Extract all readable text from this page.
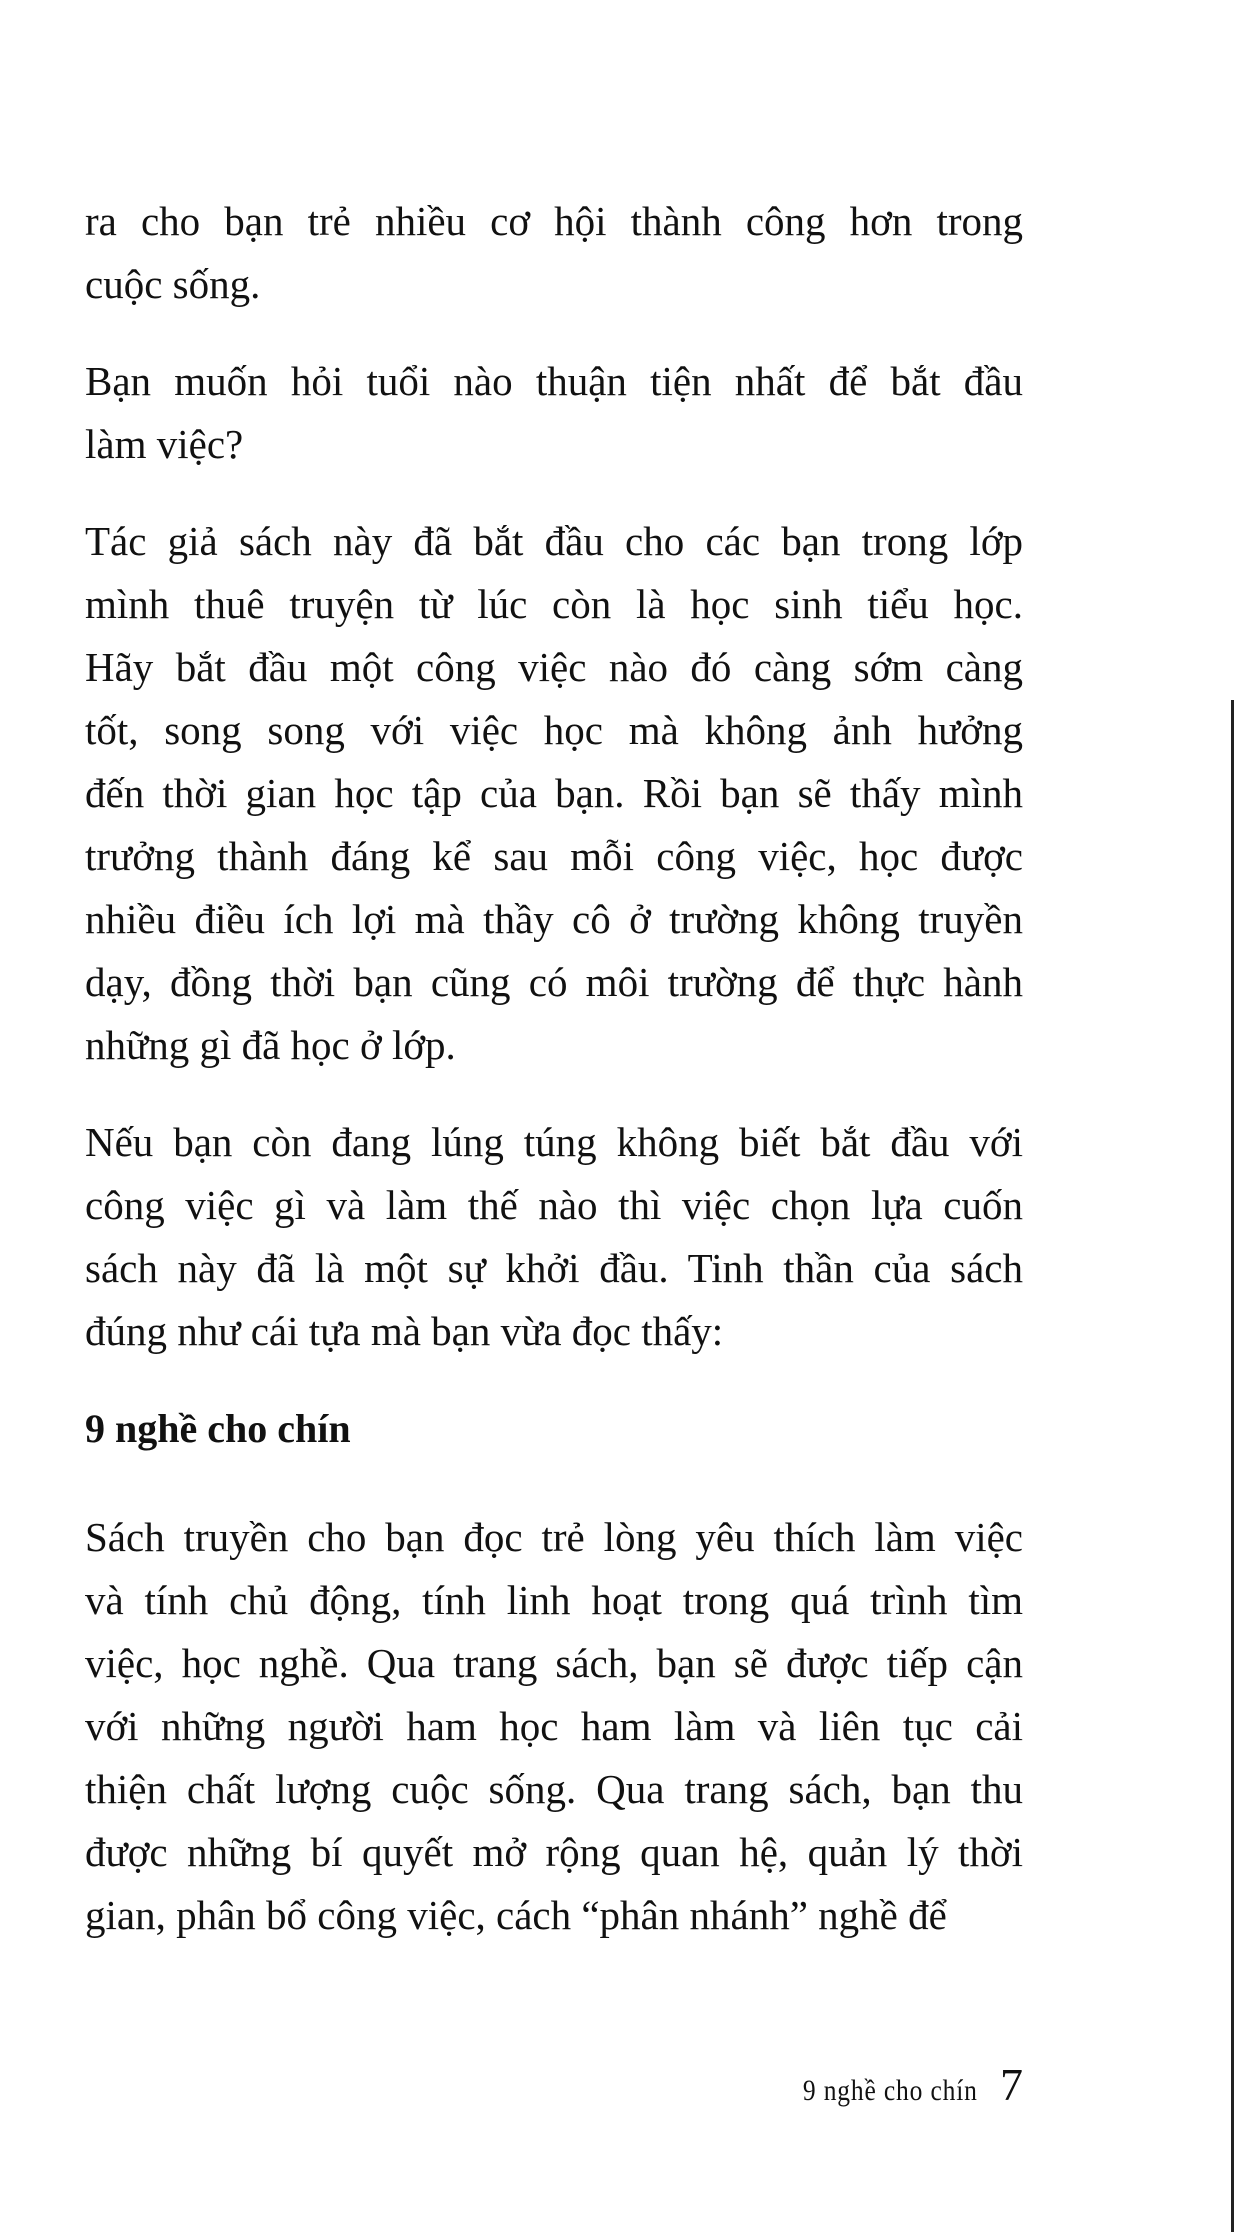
ra cho bạn trẻ nhiều cơ hội thành công hơn trong
cuộc sống.
Bạn muốn hỏi tuổi nào thuận tiện nhất để bắt đầu
làm việc?
Tác giả sách này đã bắt đầu cho các bạn trong lớp
mình thuê truyện từ lúc còn là học sinh tiểu học.
Hãy bắt đầu một công việc nào đó càng sớm càng
tốt, song song với việc học mà không ảnh hưởng
đến thời gian học tập của bạn. Rồi bạn sẽ thấy mình
trưởng thành đáng kể sau mỗi công việc, học được
nhiều điều ích lợi mà thầy cô ở trường không truyền
dạy, đồng thời bạn cũng có môi trường để thực hành
những gì đã học ở lớp.
Nếu bạn còn đang lúng túng không biết bắt đầu với
công việc gì và làm thế nào thì việc chọn lựa cuốn
sách này đã là một sự khởi đầu. Tinh thần của sách
đúng như cái tựa mà bạn vừa đọc thấy:
9 nghề cho chín
Sách truyền cho bạn đọc trẻ lòng yêu thích làm việc
và tính chủ động, tính linh hoạt trong quá trình tìm
việc, học nghề. Qua trang sách, bạn sẽ được tiếp cận
với những người ham học ham làm và liên tục cải
thiện chất lượng cuộc sống. Qua trang sách, bạn thu
được những bí quyết mở rộng quan hệ, quản lý thời
gian, phân bổ công việc, cách “phân nhánh” nghề để
9 nghề cho chín 7
